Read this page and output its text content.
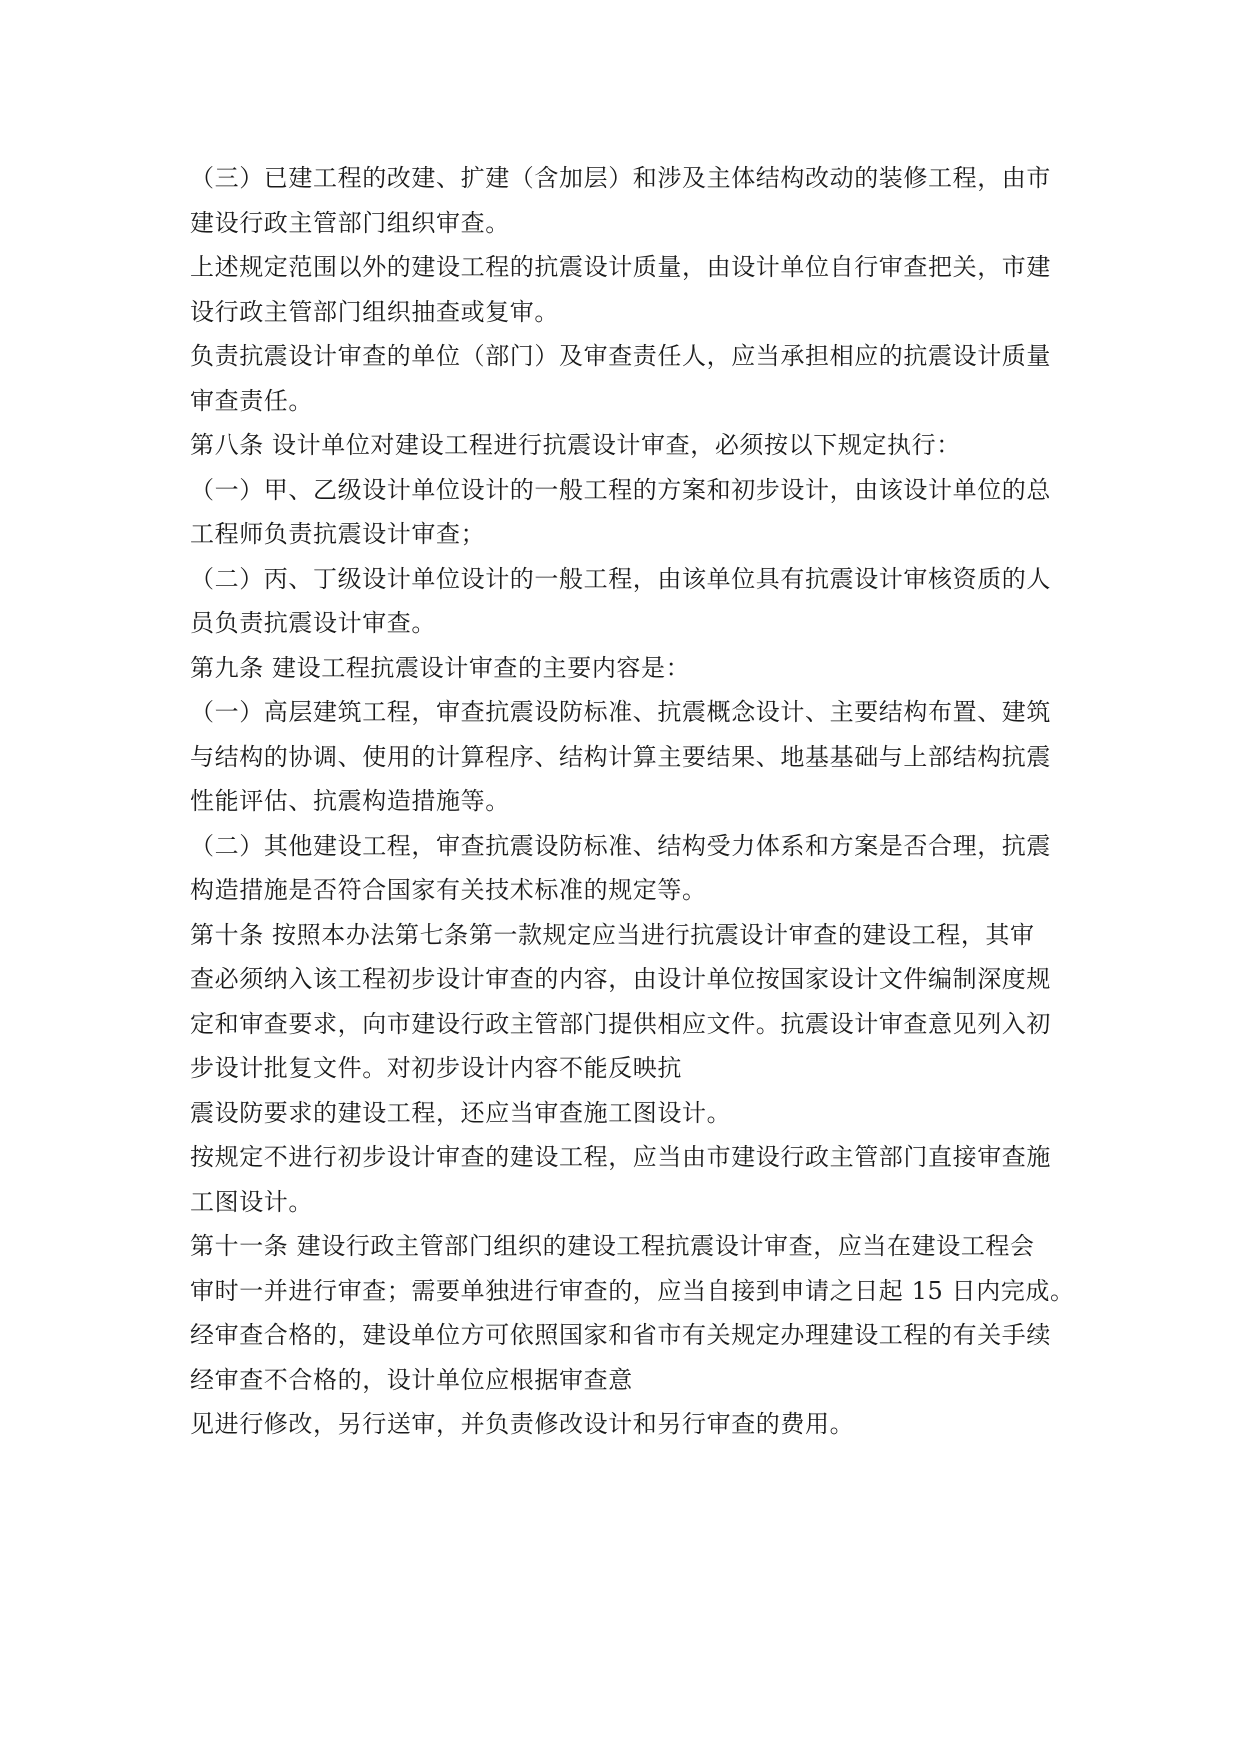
（三）已建工程的改建、扩建（含加层）和涉及主体结构改动的装修工程，由市
建设行政主管部门组织审查。
上述规定范围以外的建设工程的抗震设计质量，由设计单位自行审查把关，市建
设行政主管部门组织抽查或复审。
负责抗震设计审查的单位（部门）及审查责任人，应当承担相应的抗震设计质量
审查责任。
第八条 设计单位对建设工程进行抗震设计审查，必须按以下规定执行：
（一）甲、乙级设计单位设计的一般工程的方案和初步设计，由该设计单位的总
工程师负责抗震设计审查；
（二）丙、丁级设计单位设计的一般工程，由该单位具有抗震设计审核资质的人
员负责抗震设计审查。
第九条 建设工程抗震设计审查的主要内容是：
（一）高层建筑工程，审查抗震设防标准、抗震概念设计、主要结构布置、建筑
与结构的协调、使用的计算程序、结构计算主要结果、地基基础与上部结构抗震
性能评估、抗震构造措施等。
（二）其他建设工程，审查抗震设防标准、结构受力体系和方案是否合理，抗震
构造措施是否符合国家有关技术标准的规定等。
第十条 按照本办法第七条第一款规定应当进行抗震设计审查的建设工程，其审
查必须纳入该工程初步设计审查的内容，由设计单位按国家设计文件编制深度规
定和审查要求，向市建设行政主管部门提供相应文件。抗震设计审查意见列入初
步设计批复文件。对初步设计内容不能反映抗
震设防要求的建设工程，还应当审查施工图设计。
按规定不进行初步设计审查的建设工程，应当由市建设行政主管部门直接审查施
工图设计。
第十一条 建设行政主管部门组织的建设工程抗震设计审查，应当在建设工程会
审时一并进行审查；需要单独进行审查的，应当自接到申请之日起 15 日内完成。
经审查合格的，建设单位方可依照国家和省市有关规定办理建设工程的有关手续
经审查不合格的，设计单位应根据审查意
见进行修改，另行送审，并负责修改设计和另行审查的费用。
